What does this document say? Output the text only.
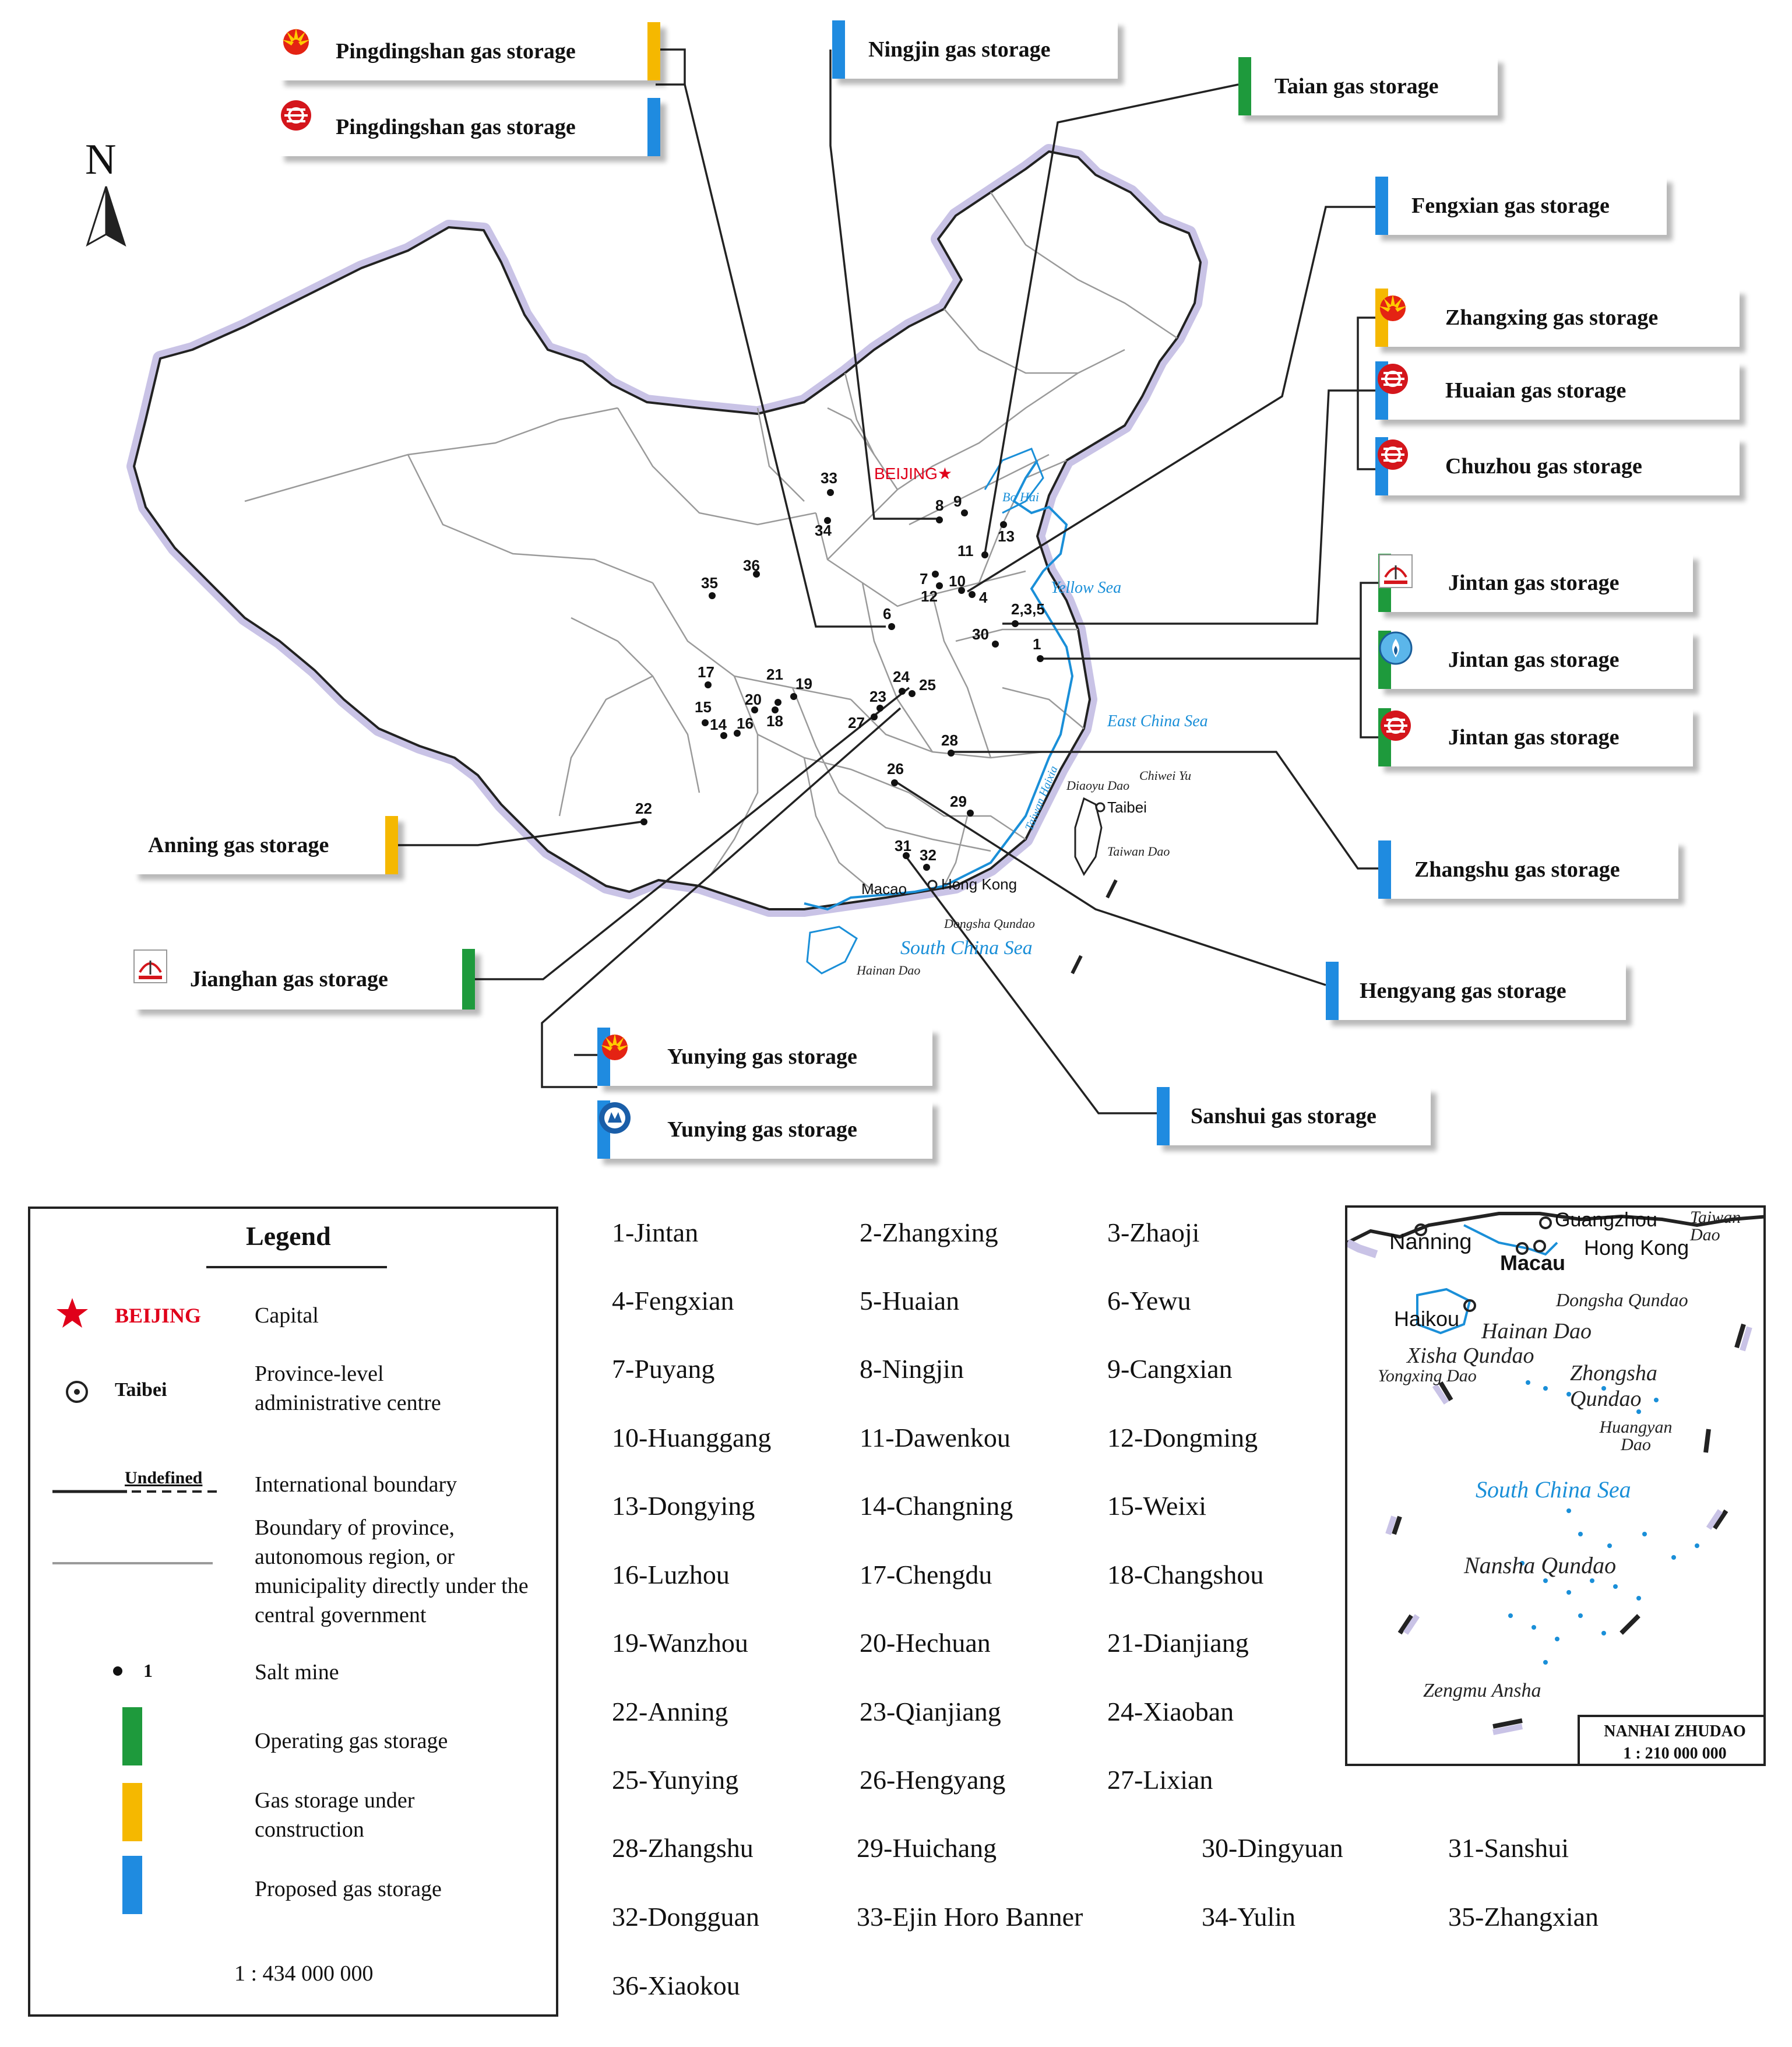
N
BEIJING★
Bo Hai
Yellow Sea
East China Sea
South China Sea
Taiwan Haixia Diaoyu Dao
Chiwei Yu
Taiwan Dao
Dongsha Qundao
Hainan Dao
Taibei
Hong Kong
Macao
1
2,3,5
4
6
7
8 9
10
11
12
13
14
15
16
17
18
19
20
21
22
23
24 25
26
27
28
29
30
31
32
33
34
35
36
Pingdingshan gas storage
Pingdingshan gas storage
Ningjin gas storage
Taian gas storage
Fengxian gas storage
Zhangxing gas storage
Huaian gas storage
Chuzhou gas storage
Jintan gas storage
Jintan gas storage
Jintan gas storage
Anning gas storage
Zhangshu gas storage
Jianghan gas storage	Hengyang gas storage
Yunying gas storage
Yunying gas storage
Sanshui gas storage
Legend
BEIJING Capital
Taibei
Province-level administrative centre
Undefined International boundary
Boundary of province, autonomous region, or municipality directly under the central government
1	Salt mine
Operating gas storage
Gas storage under construction
Proposed gas storage
1 : 434 000 000
1-Jintan	2-Zhangxing	3-Zhaoji
4-Fengxian	5-Huaian	6-Yewu
7-Puyang	8-Ningjin	9-Cangxian
10-Huanggang	11-Dawenkou	12-Dongming
13-Dongying	14-Changning	15-Weixi
16-Luzhou	17-Chengdu	18-Changshou
19-Wanzhou	20-Hechuan	21-Dianjiang
22-Anning	23-Qianjiang	24-Xiaoban
25-Yunying	26-Hengyang	27-Lixian
28-Zhangshu	29-Huichang	30-Dingyuan	31-Sanshui
32-Dongguan	33-Ejin Horo Banner	34-Yulin	35-Zhangxian
36-Xiaokou
Guangzhou Taiwan Dao
Nanning	Hong Kong
Macau
Dongsha Qundao
Haikou
Hainan Dao
Xisha Qundao
Yongxing Dao	Zhongsha Qundao
Huangyan Dao
South China Sea
Nansha Qundao
Zengmu Ansha
NANHAI ZHUDAO
1 : 210 000 000
